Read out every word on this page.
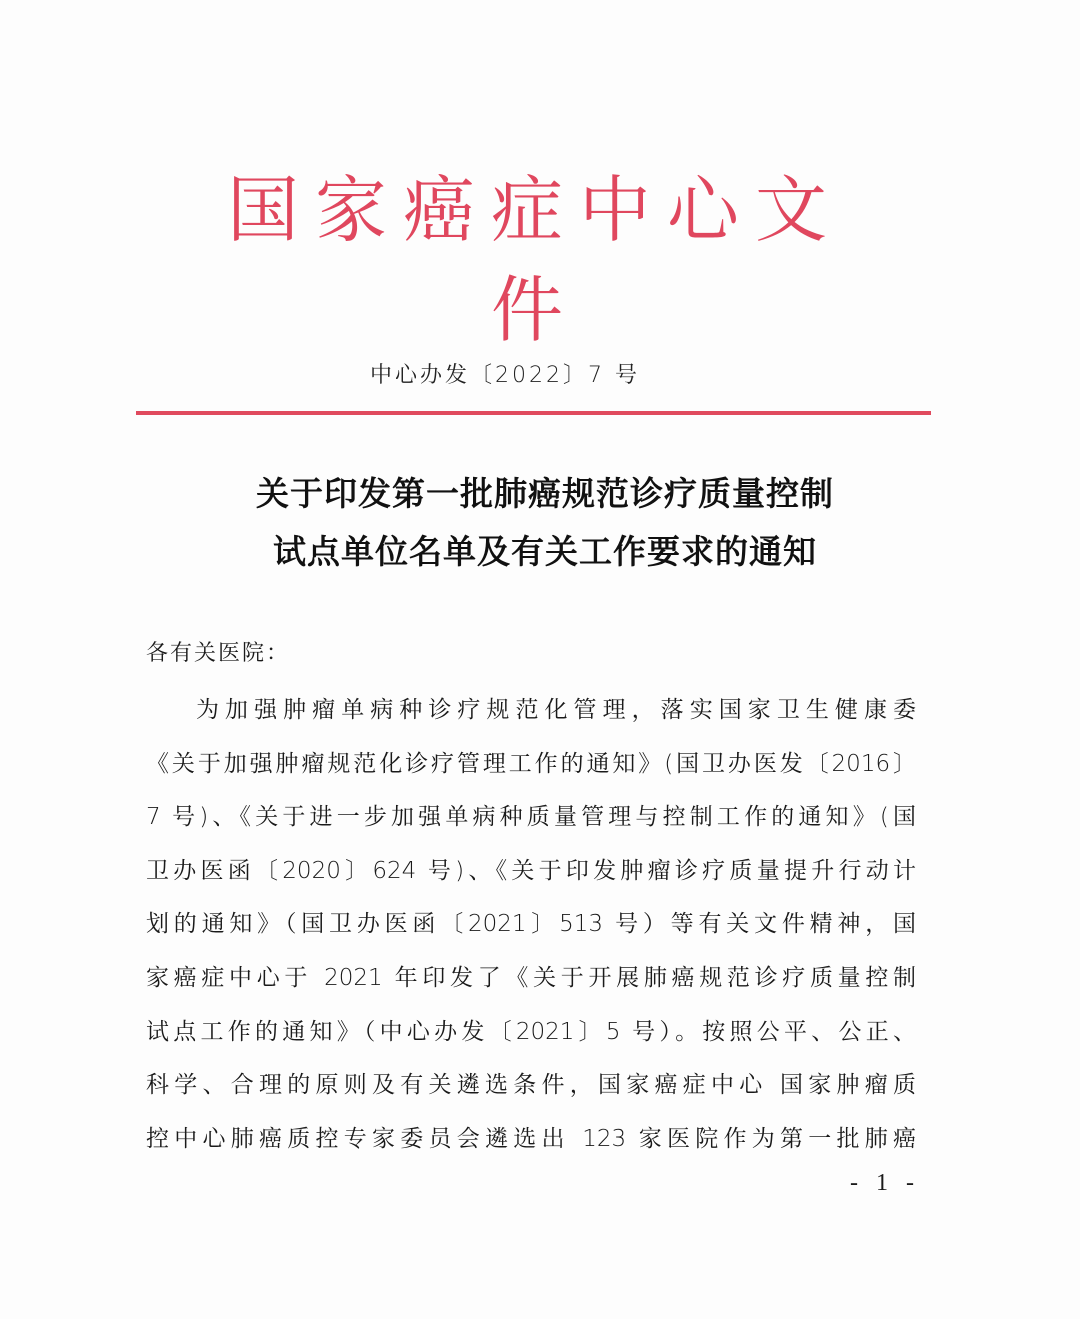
国家癌症中心文件
中心办发〔2022〕7 号
关于印发第一批肺癌规范诊疗质量控制
试点单位名单及有关工作要求的通知
各有关医院：
为加强肿瘤单病种诊疗规范化管理，落实国家卫生健康委
《关于加强肿瘤规范化诊疗管理工作的通知》(国卫办医发〔2016〕
7 号)、《关于进一步加强单病种质量管理与控制工作的通知》(国
卫办医函〔2020〕624 号)、《关于印发肿瘤诊疗质量提升行动计
划的通知》（国卫办医函〔2021〕513 号）等有关文件精神，国
家癌症中心于 2021 年印发了《关于开展肺癌规范诊疗质量控制
试点工作的通知》（中心办发〔2021〕5 号）。按照公平、公正、
科学、合理的原则及有关遴选条件，国家癌症中心 国家肿瘤质
控中心肺癌质控专家委员会遴选出 123 家医院作为第一批肺癌
- 1 -
